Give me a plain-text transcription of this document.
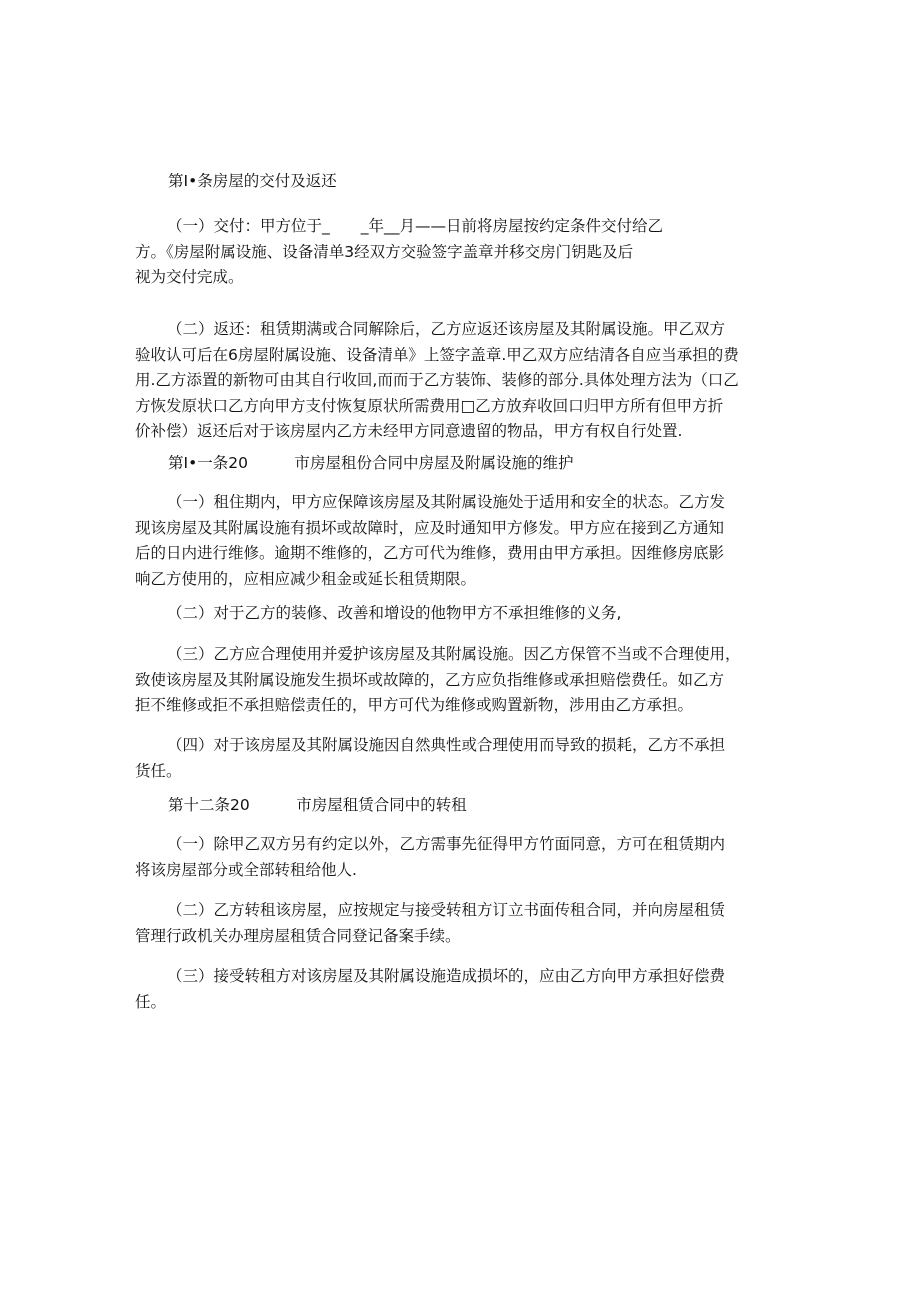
第I•条房屋的交付及返还
（一）交付：甲方位于_　　_年__月——日前将房屋按约定条件交付给乙
方。《房屋附属设施、设备清单3经双方交验签字盖章并移交房门钥匙及后
视为交付完成。
（二）返还：租赁期满或合同解除后，乙方应返还该房屋及其附属设施。甲乙双方
验收认可后在6房屋附属设施、设备清单》上签字盖章.甲乙双方应结清各自应当承担的费
用.乙方添置的新物可由其自行收回,而而于乙方装饰、装修的部分.具体处理方法为（口乙
方恢发原状口乙方向甲方支付恢复原状所需费用□乙方放弃收回口归甲方所有但甲方折
价补偿）返还后对于该房屋内乙方未经甲方同意遗留的物品，甲方有权自行处置.
第I•一条20　　　市房屋租份合同中房屋及附属设施的维护
（一）租住期内，甲方应保障该房屋及其附属设施处于适用和安全的状态。乙方发
现该房屋及其附属设施有损坏或故障时，应及时通知甲方修发。甲方应在接到乙方通知
后的日内进行维修。逾期不维修的，乙方可代为维修，费用由甲方承担。因维修房底影
响乙方使用的，应相应减少租金或延长租赁期限。
（二）对于乙方的装修、改善和增设的他物甲方不承担维修的义务,
（三）乙方应合理使用并爱护该房屋及其附属设施。因乙方保管不当或不合理使用，
致使该房屋及其附属设施发生损坏或故障的，乙方应负指维修或承担赔偿费任。如乙方
拒不维修或拒不承担赔偿责任的，甲方可代为维修或购置新物，涉用由乙方承担。
（四）对于该房屋及其附属设施因自然典性或合理使用而导致的损耗，乙方不承担
货任。
第十二条20　　　市房屋租赁合同中的转租
（一）除甲乙双方另有约定以外，乙方需事先征得甲方竹面同意，方可在租赁期内
将该房屋部分或全部转租给他人.
（二）乙方转租该房屋，应按规定与接受转租方订立书面传租合同，并向房屋租赁
管理行政机关办理房屋租赁合同登记备案手续。
（三）接受转租方对该房屋及其附属设施造成损坏的，应由乙方向甲方承担好偿费
任。
